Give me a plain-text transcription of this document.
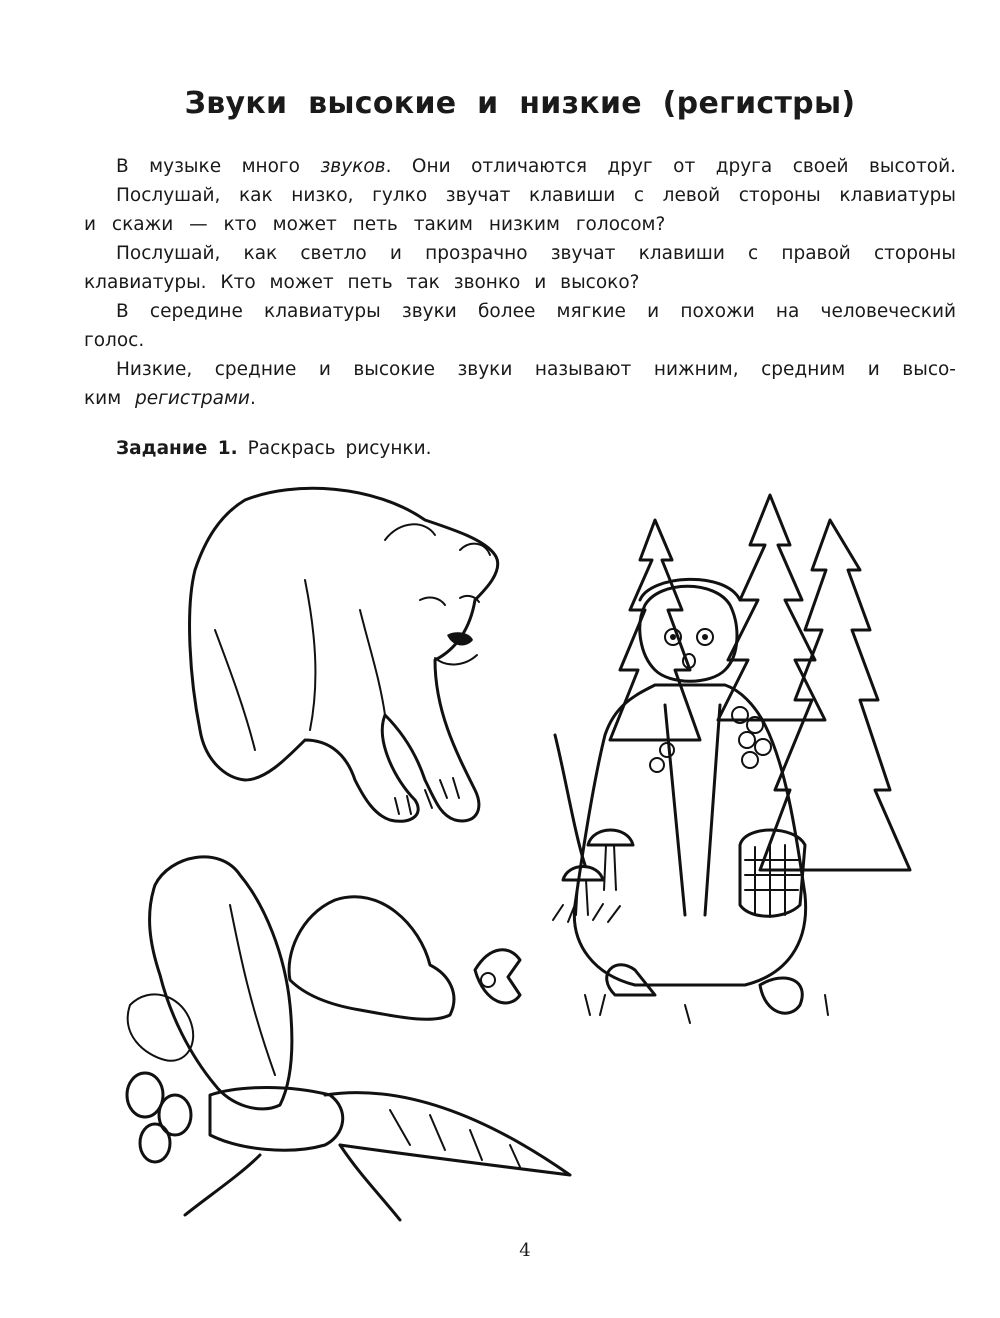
Звуки высокие и низкие (регистры)
В музыке много звуков. Они отличаются друг от друга своей высотой.
Послушай, как низко, гулко звучат клавиши с левой стороны клавиатуры
и скажи — кто может петь таким низким голосом?
Послушай, как светло и прозрачно звучат клавиши с правой стороны
клавиатуры. Кто может петь так звонко и высоко?
В середине клавиатуры звуки более мягкие и похожи на человеческий
голос.
Низкие, средние и высокие звуки называют нижним, средним и высо-
ким регистрами.
Задание 1. Раскрась рисунки.
4
